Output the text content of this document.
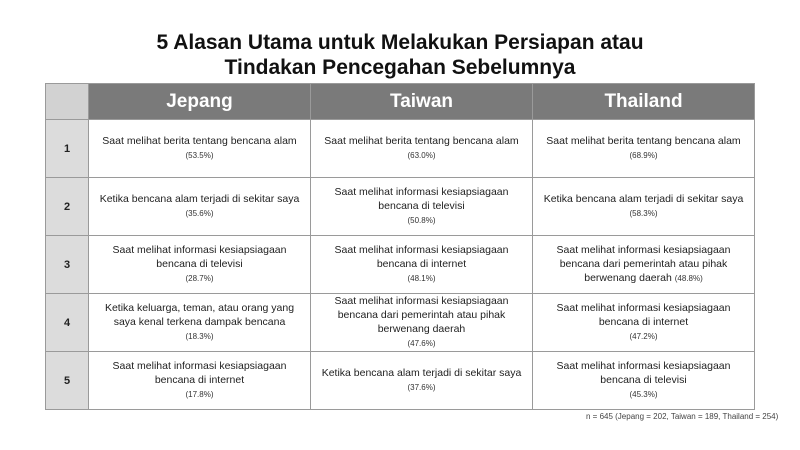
5 Alasan Utama untuk Melakukan Persiapan atau
Tindakan Pencegahan Sebelumnya
	Jepang	Taiwan	Thailand
1	Saat melihat berita tentang bencana alam
(53.5%)	Saat melihat berita tentang bencana alam
(63.0%)	Saat melihat berita tentang bencana alam
(68.9%)
2	Ketika bencana alam terjadi di sekitar saya
(35.6%)	Saat melihat informasi kesiapsiagaan
bencana di televisi
(50.8%)	Ketika bencana alam terjadi di sekitar saya
(58.3%)
3	Saat melihat informasi kesiapsiagaan
bencana di televisi
(28.7%)	Saat melihat informasi kesiapsiagaan
bencana di internet
(48.1%)	Saat melihat informasi kesiapsiagaan
bencana dari pemerintah atau pihak
berwenang daerah (48.8%)
4	Ketika keluarga, teman, atau orang yang
saya kenal terkena dampak bencana
(18.3%)	Saat melihat informasi kesiapsiagaan
bencana dari pemerintah atau pihak
berwenang daerah
(47.6%)	Saat melihat informasi kesiapsiagaan
bencana di internet
(47.2%)
5	Saat melihat informasi kesiapsiagaan
bencana di internet
(17.8%)	Ketika bencana alam terjadi di sekitar saya
(37.6%)	Saat melihat informasi kesiapsiagaan
bencana di televisi
(45.3%)
n = 645 (Jepang = 202, Taiwan = 189, Thailand = 254)
